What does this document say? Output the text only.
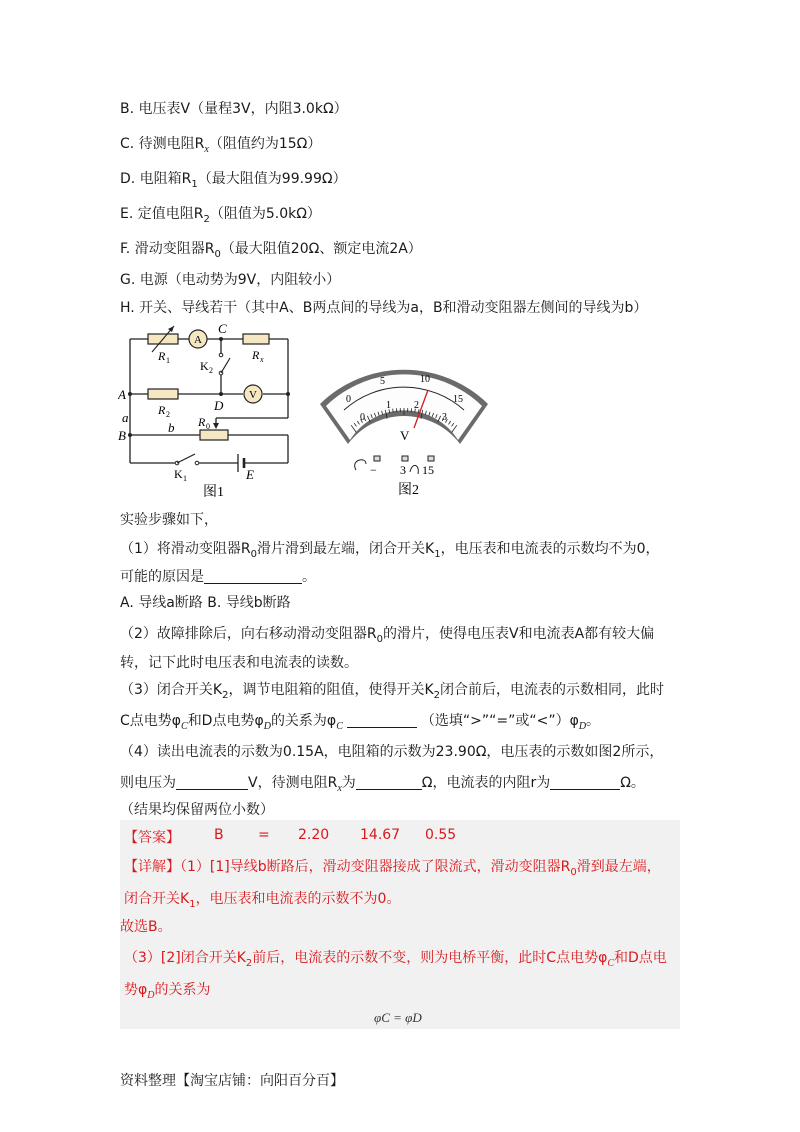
B. 电压表V（量程3V，内阻3.0kΩ）
C. 待测电阻$R_x$（阻值约为15Ω）
D. 电阻箱$R_1$（最大阻值为99.99Ω）
E. 定值电阻$R_2$（阻值为5.0kΩ）
F. 滑动变阻器$R_0$（最大阻值20Ω、额定电流2A）
G. 电源（电动势为9V，内阻较小）
H. 开关、导线若干（其中A、B两点间的导线为a，B和滑动变阻器左侧间的导线为b）
A
V
R 1
C
R x
K 2
A
R 2
D
a	R 0
B
b
K 1	E
图1
0
5	10
15
0
1 2
3
V
− 3 15
图2
实验步骤如下，
（1）将滑动变阻器$R_0$滑片滑到最左端，闭合开关$K_1$，电压表和电流表的示数均不为0，
可能的原因是	。
A. 导线a断路 B. 导线b断路
（2）故障排除后，向右移动滑动变阻器$R_0$的滑片，使得电压表V和电流表A都有较大偏
转，记下此时电压表和电流表的读数。
（3）闭合开关$K_2$，调节电阻箱的阻值，使得开关$K_2$闭合前后，电流表的示数相同，此时
C点电势$\varphi_C$和D点电势$\varphi_D$的关系为$\varphi_C$	（选填“>”“=”或“$<”)\varphi_D$。
（4）读出电流表的示数为0.15A，电阻箱的示数为23.90Ω，电压表的示数如图2所示，
则电压为	V，待测电阻$R_x$为	Ω，电流表的内阻r为	Ω。
（结果均保留两位小数）
【答案】 B = 2.20 14.67 0.55
【详解】（1）[1]导线b断路后，滑动变阻器接成了限流式，滑动变阻器$R_0$滑到最左端，
闭合开关$K_1$，电压表和电流表的示数不为0。
故选B。
（3）[2]闭合开关$K_2$前后，电流表的示数不变，则为电桥平衡，此时C点电势$\varphi_C$和D点电
势$\varphi_D$的关系为
φC = φD
资料整理【淘宝店铺：向阳百分百】
